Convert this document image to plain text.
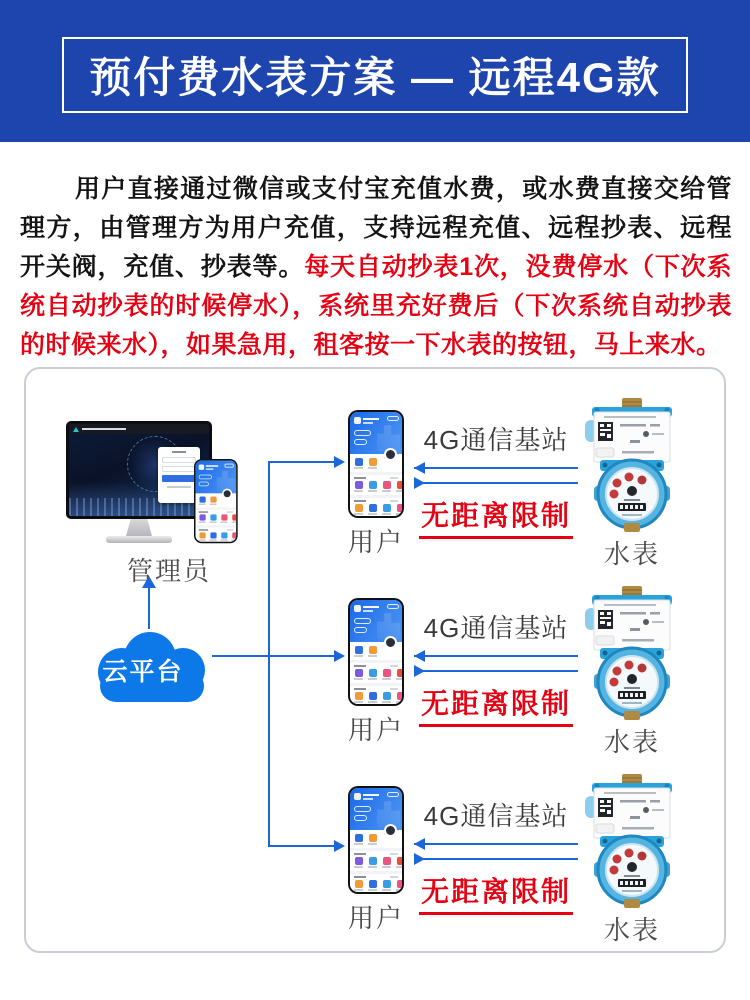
预付费水表方案 — 远程4G款

用户直接通过微信或支付宝充值水费，或水费直接交给管理方，由管理方为用户充值，支持远程充值、远程抄表、远程开关阀，充值、抄表等。每天自动抄表1次，没费停水（下次系统自动抄表的时候停水），系统里充好费后（下次系统自动抄表的时候来水），如果急用，租客按一下水表的按钮，马上来水。

管理员
云平台
用户
4G通信基站
无距离限制
水表
用户
4G通信基站
无距离限制
水表
用户
4G通信基站
无距离限制
水表
